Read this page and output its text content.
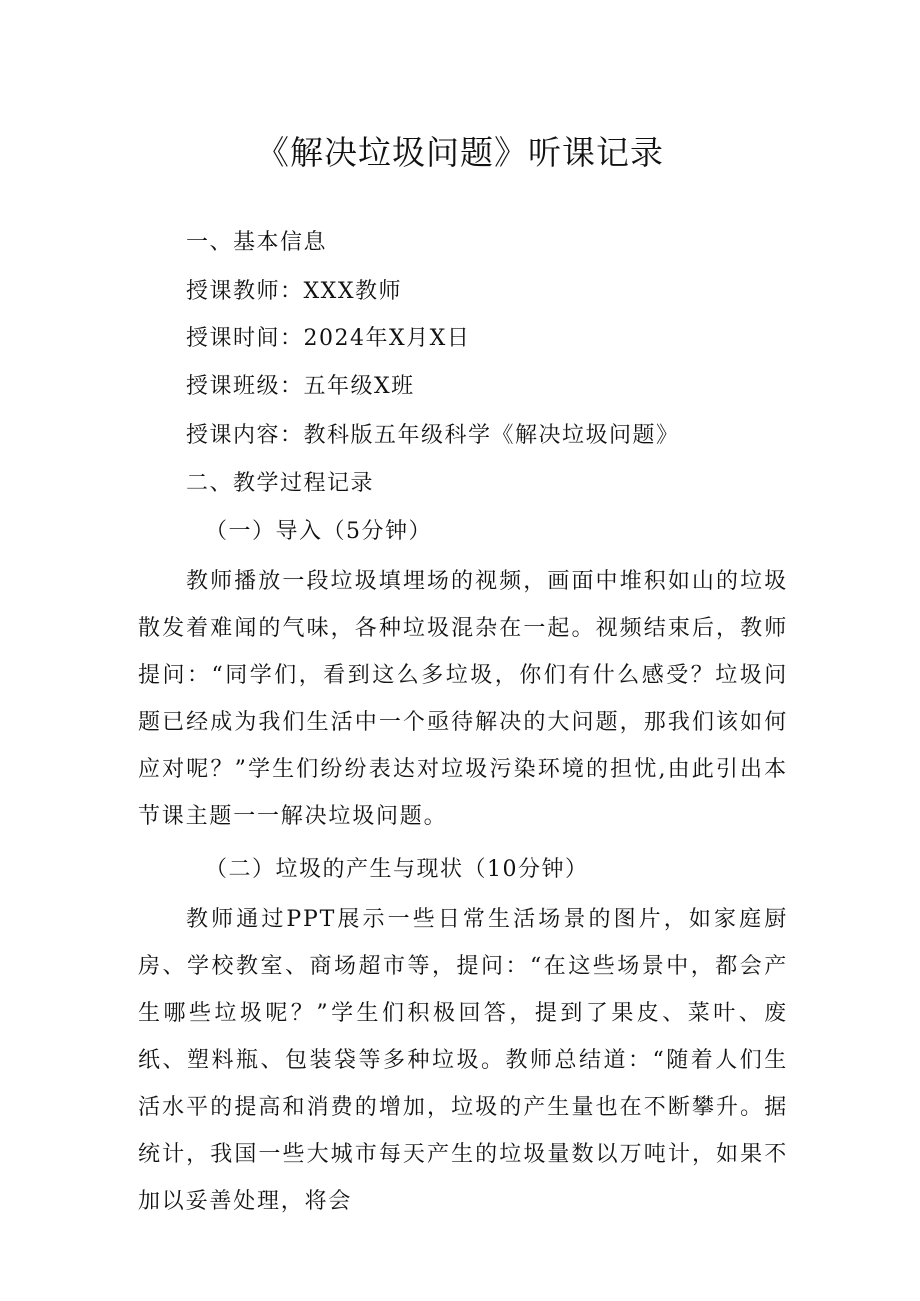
《解决垃圾问题》听课记录
一、基本信息
授课教师：XXX教师
授课时间：2024年X月X日
授课班级：五年级X班
授课内容：教科版五年级科学《解决垃圾问题》
二、教学过程记录
（一）导入（5分钟）
教师播放一段垃圾填埋场的视频，画面中堆积如山的垃圾散发着难闻的气味，各种垃圾混杂在一起。视频结束后，教师提问：“同学们，看到这么多垃圾，你们有什么感受？垃圾问题已经成为我们生活中一个亟待解决的大问题，那我们该如何应对呢？”学生们纷纷表达对垃圾污染环境的担忧,由此引出本节课主题一一解决垃圾问题。
（二）垃圾的产生与现状（10分钟）
教师通过PPT展示一些日常生活场景的图片，如家庭厨房、学校教室、商场超市等，提问：“在这些场景中，都会产生哪些垃圾呢？”学生们积极回答，提到了果皮、菜叶、废纸、塑料瓶、包装袋等多种垃圾。教师总结道：“随着人们生活水平的提高和消费的增加，垃圾的产生量也在不断攀升。据统计，我国一些大城市每天产生的垃圾量数以万吨计，如果不加以妥善处理，将会
